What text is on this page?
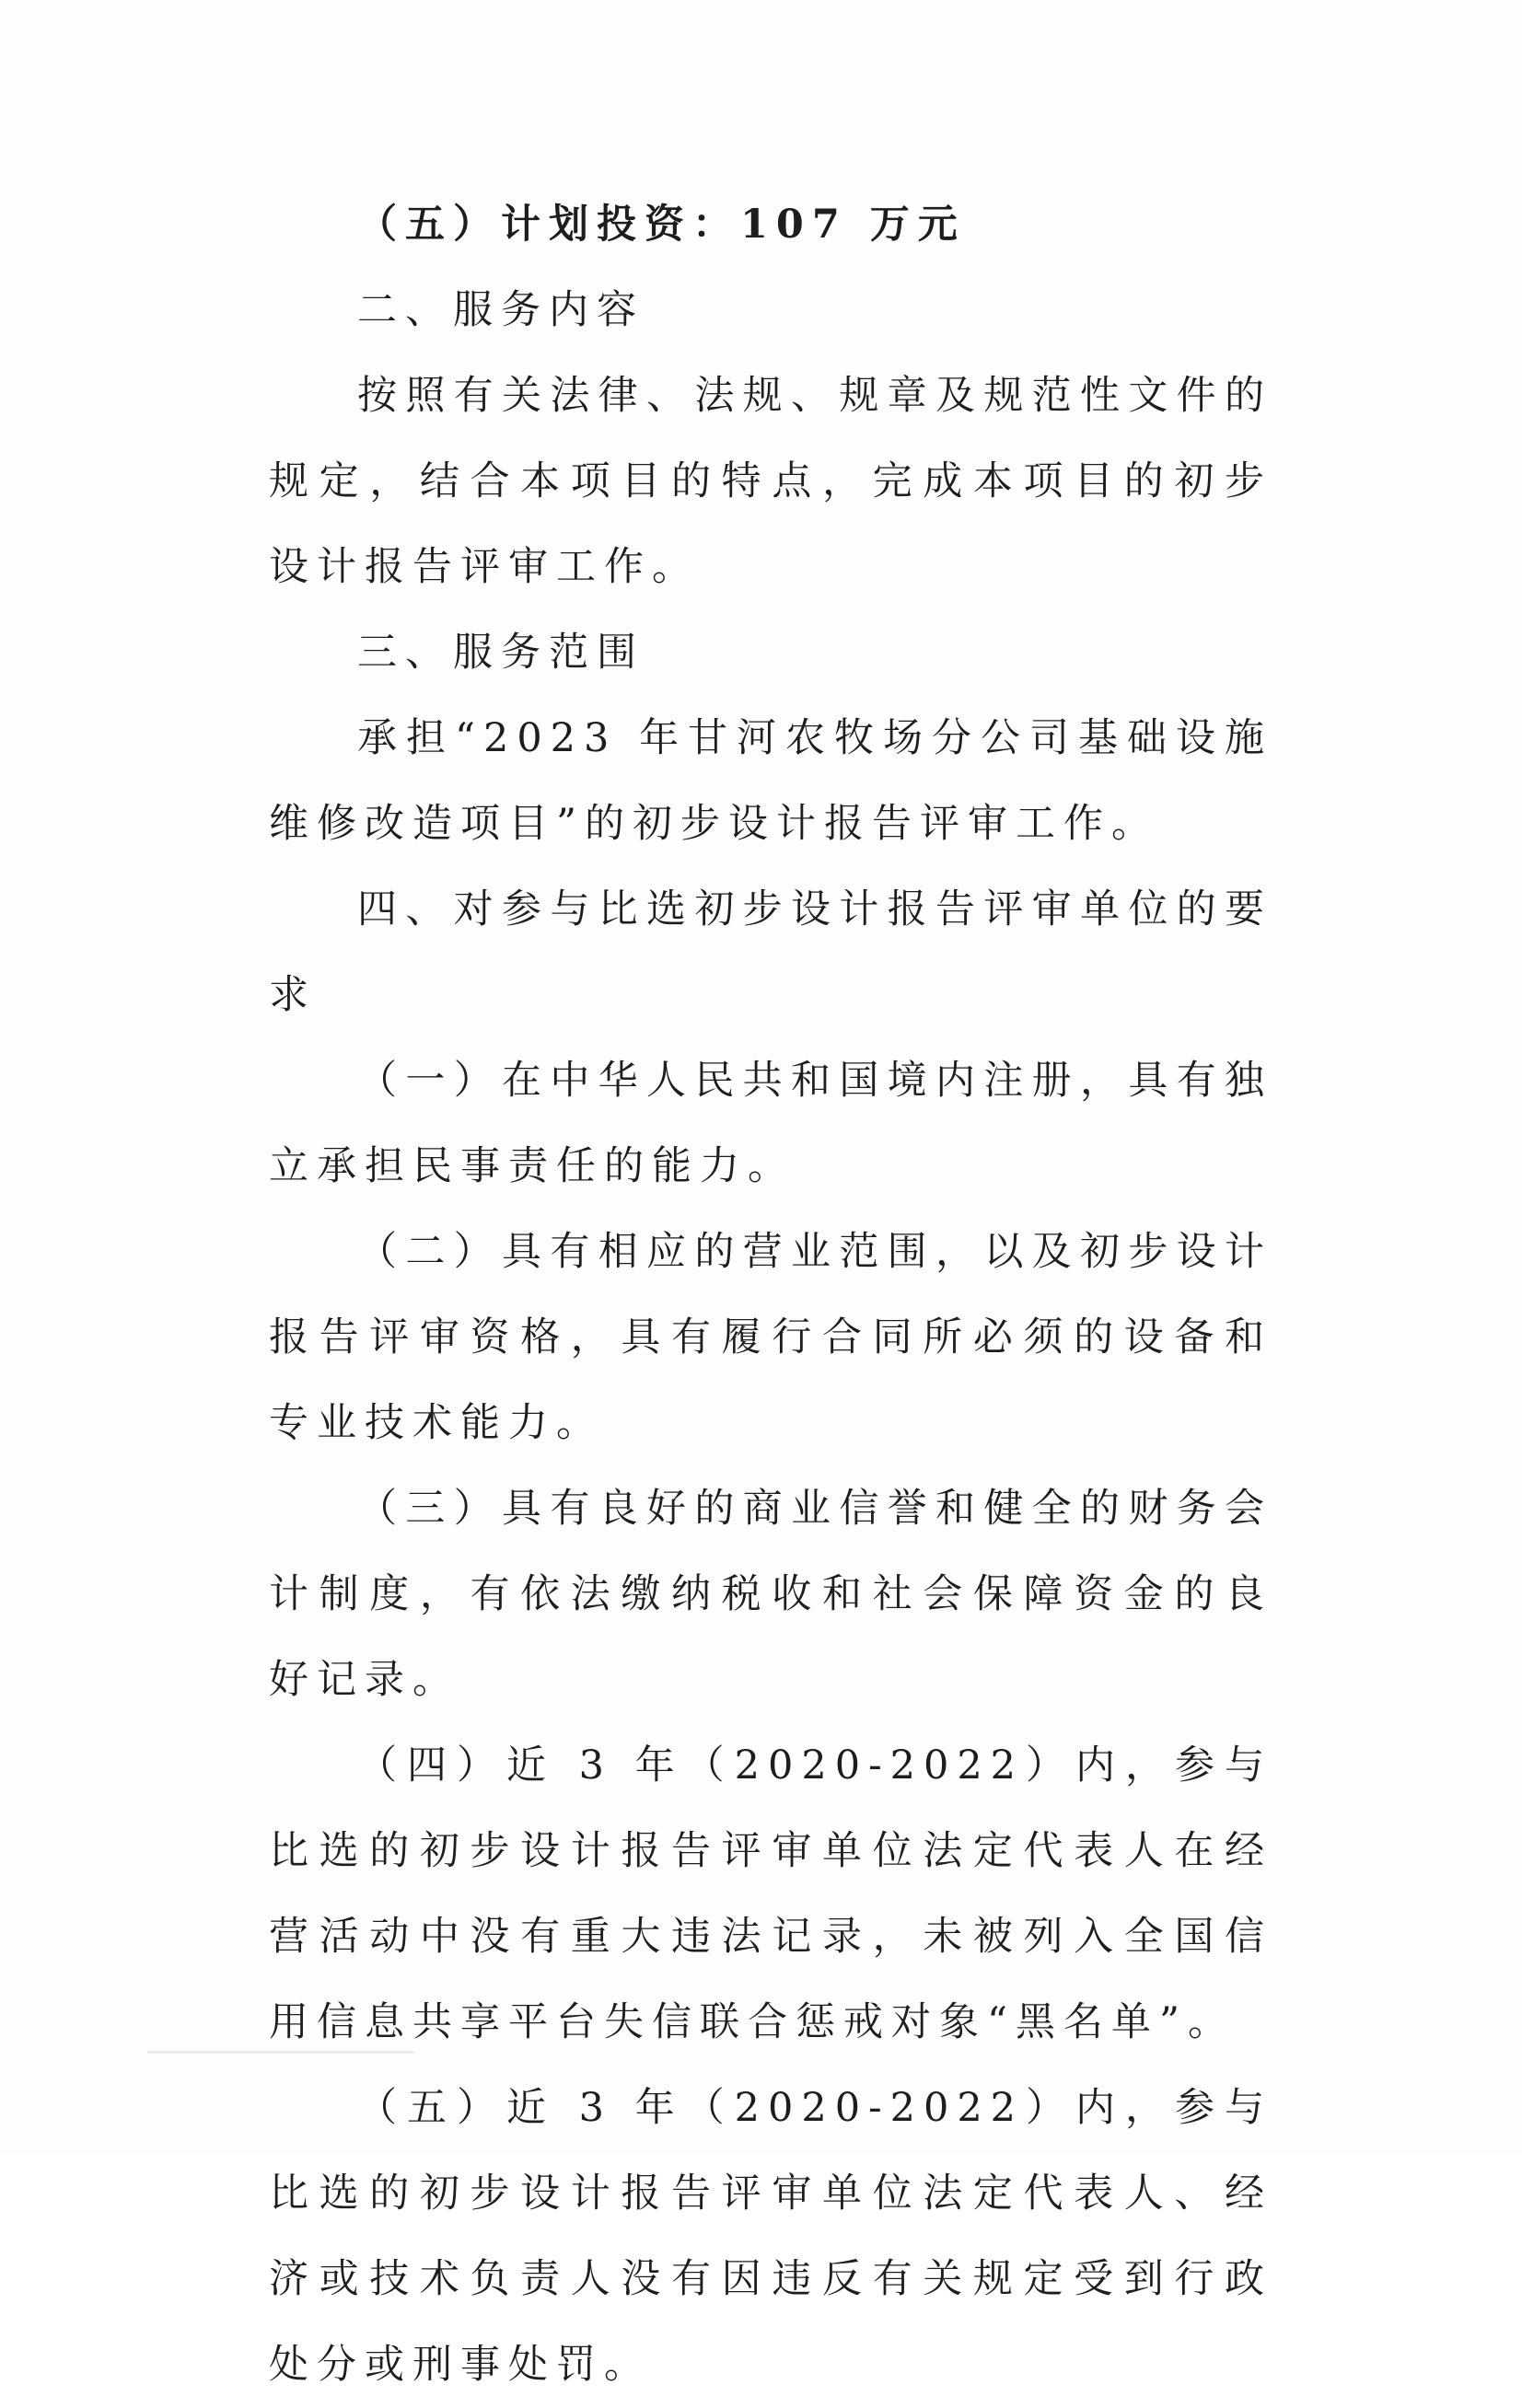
（五）计划投资：107 万元

二、服务内容

按照有关法律、法规、规章及规范性文件的规定，结合本项目的特点，完成本项目的初步设计报告评审工作。

三、服务范围

承担“2023 年甘河农牧场分公司基础设施维修改造项目”的初步设计报告评审工作。

四、对参与比选初步设计报告评审单位的要求

（一）在中华人民共和国境内注册，具有独立承担民事责任的能力。

（二）具有相应的营业范围，以及初步设计报告评审资格，具有履行合同所必须的设备和专业技术能力。

（三）具有良好的商业信誉和健全的财务会计制度，有依法缴纳税收和社会保障资金的良好记录。

（四）近 3 年（2020-2022）内，参与比选的初步设计报告评审单位法定代表人在经营活动中没有重大违法记录，未被列入全国信用信息共享平台失信联合惩戒对象“黑名单”。

（五）近 3 年（2020-2022）内，参与比选的初步设计报告评审单位法定代表人、经济或技术负责人没有因违反有关规定受到行政处分或刑事处罚。
